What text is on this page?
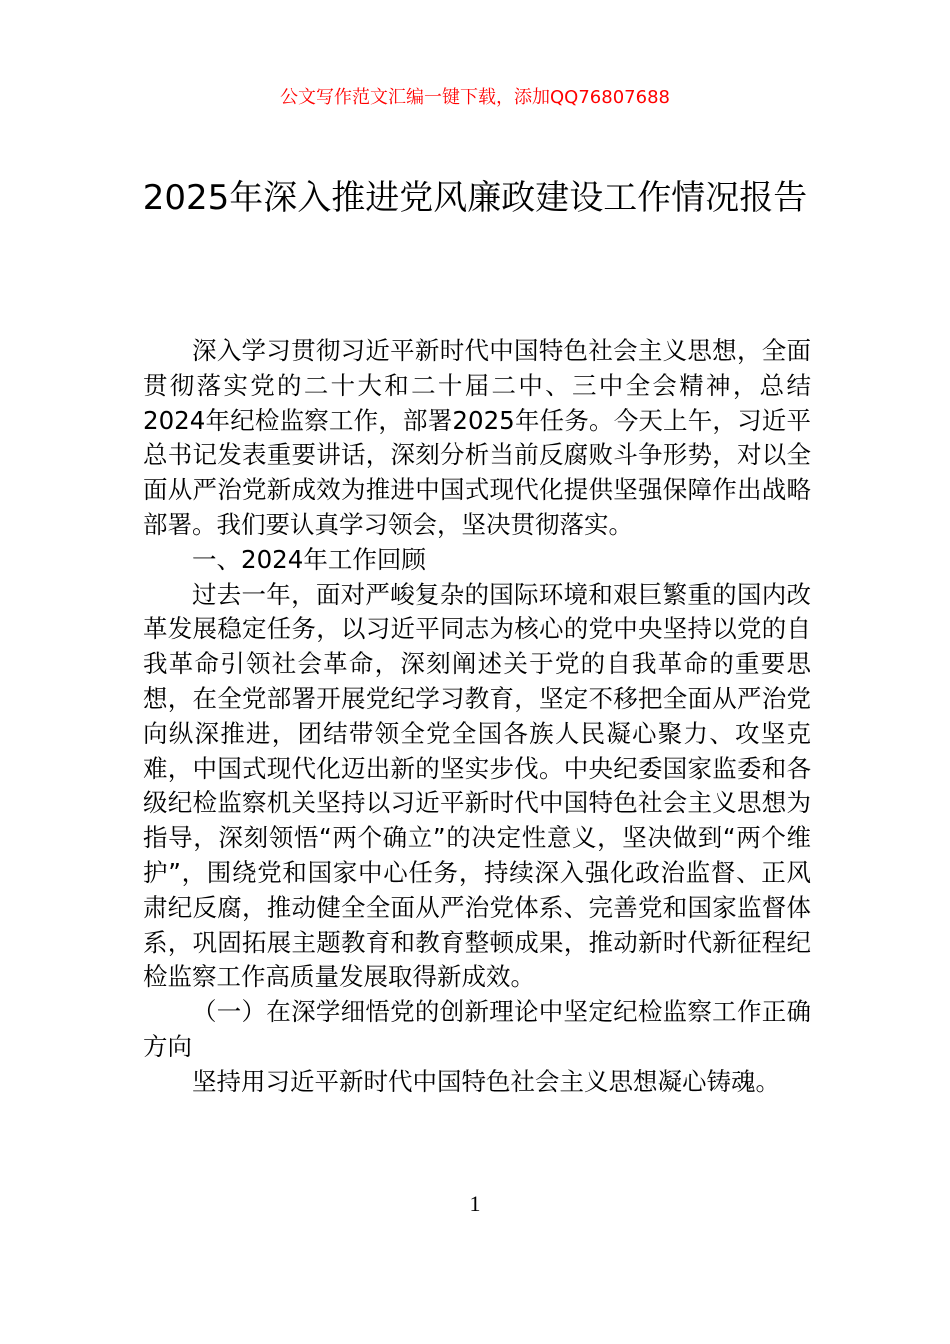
公文写作范文汇编一键下载，添加QQ76807688
2025年深入推进党风廉政建设工作情况报告

深入学习贯彻习近平新时代中国特色社会主义思想，全面贯彻落实党的二十大和二十届二中、三中全会精神，总结2024年纪检监察工作，部署2025年任务。今天上午，习近平总书记发表重要讲话，深刻分析当前反腐败斗争形势，对以全面从严治党新成效为推进中国式现代化提供坚强保障作出战略部署。我们要认真学习领会，坚决贯彻落实。

一、2024年工作回顾

过去一年，面对严峻复杂的国际环境和艰巨繁重的国内改革发展稳定任务，以习近平同志为核心的党中央坚持以党的自我革命引领社会革命，深刻阐述关于党的自我革命的重要思想，在全党部署开展党纪学习教育，坚定不移把全面从严治党向纵深推进，团结带领全党全国各族人民凝心聚力、攻坚克难，中国式现代化迈出新的坚实步伐。中央纪委国家监委和各级纪检监察机关坚持以习近平新时代中国特色社会主义思想为指导，深刻领悟“两个确立”的决定性意义，坚决做到“两个维护”，围绕党和国家中心任务，持续深入强化政治监督、正风肃纪反腐，推动健全全面从严治党体系、完善党和国家监督体系，巩固拓展主题教育和教育整顿成果，推动新时代新征程纪检监察工作高质量发展取得新成效。

（一）在深学细悟党的创新理论中坚定纪检监察工作正确方向

坚持用习近平新时代中国特色社会主义思想凝心铸魂。

1
